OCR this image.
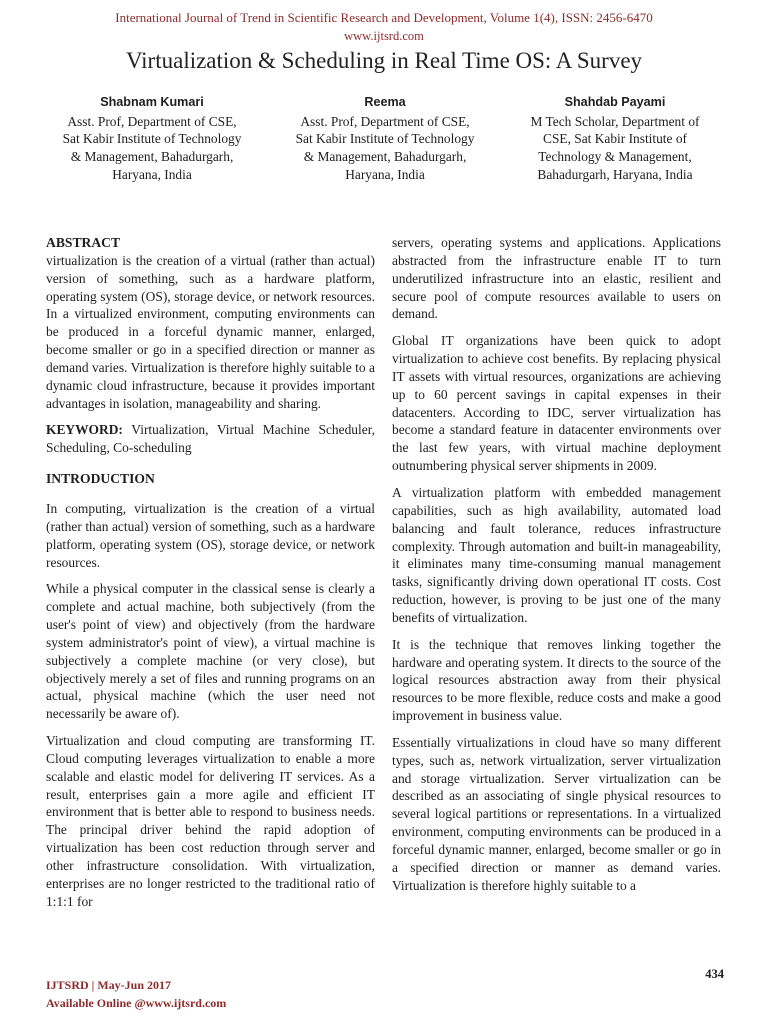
International Journal of Trend in Scientific Research and Development, Volume 1(4), ISSN: 2456-6470
www.ijtsrd.com
Virtualization & Scheduling in Real Time OS: A Survey
Shabnam Kumari
Asst. Prof, Department of CSE,
Sat Kabir Institute of Technology
& Management, Bahadurgarh,
Haryana, India
Reema
Asst. Prof, Department of CSE,
Sat Kabir Institute of Technology
& Management, Bahadurgarh,
Haryana, India
Shahdab Payami
M Tech Scholar, Department of
CSE, Sat Kabir Institute of
Technology & Management,
Bahadurgarh, Haryana, India
ABSTRACT

virtualization is the creation of a virtual (rather than actual) version of something, such as a hardware platform, operating system (OS), storage device, or network resources. In a virtualized environment, computing environments can be produced in a forceful dynamic manner, enlarged, become smaller or go in a specified direction or manner as demand varies. Virtualization is therefore highly suitable to a dynamic cloud infrastructure, because it provides important advantages in isolation, manageability and sharing.

KEYWORD: Virtualization, Virtual Machine Scheduler, Scheduling, Co-scheduling

INTRODUCTION

In computing, virtualization is the creation of a virtual (rather than actual) version of something, such as a hardware platform, operating system (OS), storage device, or network resources.

While a physical computer in the classical sense is clearly a complete and actual machine, both subjectively (from the user's point of view) and objectively (from the hardware system administrator's point of view), a virtual machine is subjectively a complete machine (or very close), but objectively merely a set of files and running programs on an actual, physical machine (which the user need not necessarily be aware of).

Virtualization and cloud computing are transforming IT. Cloud computing leverages virtualization to enable a more scalable and elastic model for delivering IT services. As a result, enterprises gain a more agile and efficient IT environment that is better able to respond to business needs. The principal driver behind the rapid adoption of virtualization has been cost reduction through server and other infrastructure consolidation. With virtualization, enterprises are no longer restricted to the traditional ratio of 1:1:1 for

servers, operating systems and applications. Applications abstracted from the infrastructure enable IT to turn underutilized infrastructure into an elastic, resilient and secure pool of compute resources available to users on demand.

Global IT organizations have been quick to adopt virtualization to achieve cost benefits. By replacing physical IT assets with virtual resources, organizations are achieving up to 60 percent savings in capital expenses in their datacenters. According to IDC, server virtualization has become a standard feature in datacenter environments over the last few years, with virtual machine deployment outnumbering physical server shipments in 2009.

A virtualization platform with embedded management capabilities, such as high availability, automated load balancing and fault tolerance, reduces infrastructure complexity. Through automation and built-in manageability, it eliminates many time-consuming manual management tasks, significantly driving down operational IT costs. Cost reduction, however, is proving to be just one of the many benefits of virtualization.

It is the technique that removes linking together the hardware and operating system. It directs to the source of the logical resources abstraction away from their physical resources to be more flexible, reduce costs and make a good improvement in business value.

Essentially virtualizations in cloud have so many different types, such as, network virtualization, server virtualization and storage virtualization. Server virtualization can be described as an associating of single physical resources to several logical partitions or representations. In a virtualized environment, computing environments can be produced in a forceful dynamic manner, enlarged, become smaller or go in a specified direction or manner as demand varies. Virtualization is therefore highly suitable to a

434
IJTSRD | May-Jun 2017
Available Online @www.ijtsrd.com
